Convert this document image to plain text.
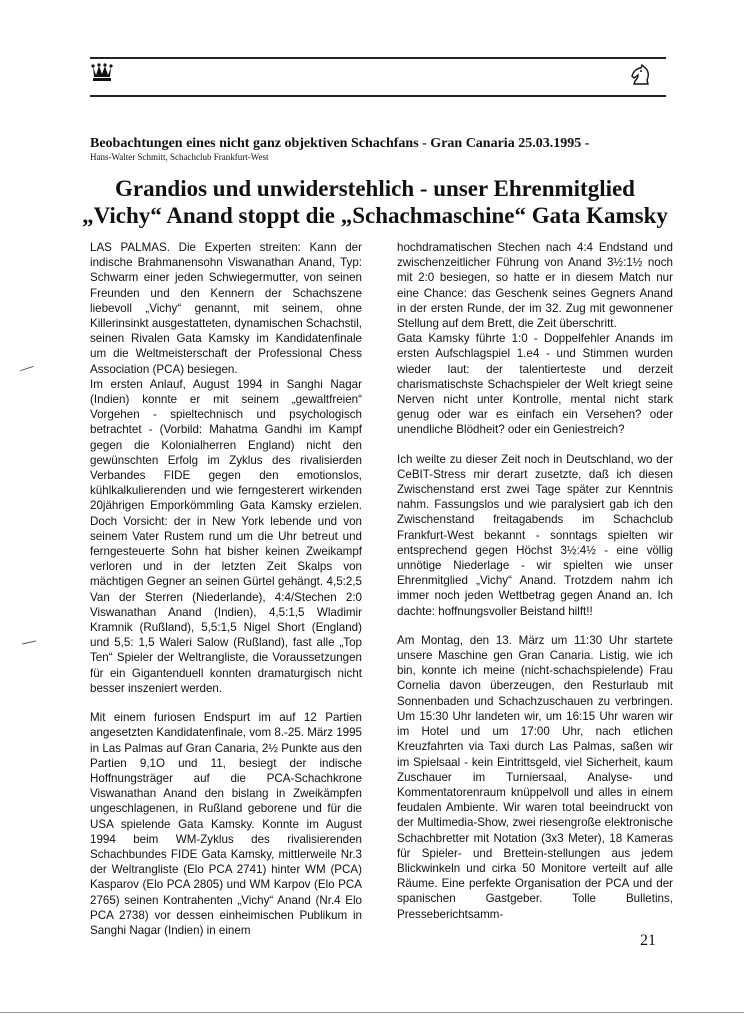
Beobachtungen eines nicht ganz objektiven Schachfans - Gran Canaria 25.03.1995 -
Hans-Walter Schmitt, Schachclub Frankfurt-West
Grandios und unwiderstehlich - unser Ehrenmitglied
„Vichy“ Anand stoppt die „Schachmaschine“ Gata Kamsky

LAS PALMAS. Die Experten streiten: Kann der indische Brahmanensohn Viswanathan Anand, Typ: Schwarm einer jeden Schwiegermutter, von seinen Freunden und den Kennern der Schachszene liebevoll „Vichy“ genannt, mit seinem, ohne Killerinsinkt ausgestatteten, dynamischen Schachstil, seinen Rivalen Gata Kamsky im Kandidatenfinale um die Weltmeisterschaft der Professional Chess Association (PCA) besiegen.

Im ersten Anlauf, August 1994 in Sanghi Nagar (Indien) konnte er mit seinem „gewaltfreien“ Vorgehen - spieltechnisch und psychologisch betrachtet - (Vorbild: Mahatma Gandhi im Kampf gegen die Kolonialherren England) nicht den gewünschten Erfolg im Zyklus des rivalisierden Verbandes FIDE gegen den emotionslos, kühlkalkulierenden und wie ferngesterert wirkenden 20jährigen Emporkömmling Gata Kamsky erzielen. Doch Vorsicht: der in New York lebende und von seinem Vater Rustem rund um die Uhr betreut und ferngesteuerte Sohn hat bisher keinen Zweikampf verloren und in der letzten Zeit Skalps von mächtigen Gegner an seinen Gürtel gehängt. 4,5:2,5 Van der Sterren (Niederlande), 4:4/Stechen 2:0 Viswanathan Anand (Indien), 4,5:1,5 Wladimir Kramnik (Rußland), 5,5:1,5 Nigel Short (England) und 5,5: 1,5 Waleri Salow (Rußland), fast alle „Top Ten“ Spieler der Weltrangliste, die Voraussetzungen für ein Gigantenduell konnten dramaturgisch nicht besser inszeniert werden.

Mit einem furiosen Endspurt im auf 12 Partien angesetzten Kandidatenfinale, vom 8.-25. März 1995 in Las Palmas auf Gran Canaria, 2½ Punkte aus den Partien 9,1O und 11, besiegt der indische Hoffnungsträger auf die PCA-Schachkrone Viswanathan Anand den bislang in Zweikämpfen ungeschlagenen, in Rußland geborene und für die USA spielende Gata Kamsky. Konnte im August 1994 beim WM-Zyklus des rivalisierenden Schachbundes FIDE Gata Kamsky, mittlerweile Nr.3 der Weltrangliste (Elo PCA 2741) hinter WM (PCA) Kasparov (Elo PCA 2805) und WM Karpov (Elo PCA 2765) seinen Kontrahenten „Vichy“ Anand (Nr.4 Elo PCA 2738) vor dessen einheimischen Publikum in Sanghi Nagar (Indien) in einem

hochdramatischen Stechen nach 4:4 Endstand und zwischenzeitlicher Führung von Anand 3½:1½ noch mit 2:0 besiegen, so hatte er in diesem Match nur eine Chance: das Geschenk seines Gegners Anand in der ersten Runde, der im 32. Zug mit gewonnener Stellung auf dem Brett, die Zeit überschritt.

Gata Kamsky führte 1:0 - Doppelfehler Anands im ersten Aufschlagspiel 1.e4 - und Stimmen wurden wieder laut: der talentierteste und derzeit charismatischste Schachspieler der Welt kriegt seine Nerven nicht unter Kontrolle, mental nicht stark genug oder war es einfach ein Versehen? oder unendliche Blödheit? oder ein Geniestreich?

Ich weilte zu dieser Zeit noch in Deutschland, wo der CeBIT-Stress mir derart zusetzte, daß ich diesen Zwischenstand erst zwei Tage später zur Kenntnis nahm. Fassungslos und wie paralysiert gab ich den Zwischenstand freitagabends im Schachclub Frankfurt-West bekannt - sonntags spielten wir entsprechend gegen Höchst 3½:4½ - eine völlig unnötige Niederlage - wir spielten wie unser Ehrenmitglied „Vichy“ Anand. Trotzdem nahm ich immer noch jeden Wettbetrag gegen Anand an. Ich dachte: hoffnungsvoller Beistand hilft!!

Am Montag, den 13. März um 11:30 Uhr startete unsere Maschine gen Gran Canaria. Listig, wie ich bin, konnte ich meine (nicht-schachspielende) Frau Cornelia davon überzeugen, den Resturlaub mit Sonnenbaden und Schachzuschauen zu verbringen. Um 15:30 Uhr landeten wir, um 16:15 Uhr waren wir im Hotel und um 17:00 Uhr, nach etlichen Kreuzfahrten via Taxi durch Las Palmas, saßen wir im Spielsaal - kein Eintrittsgeld, viel Sicherheit, kaum Zuschauer im Turniersaal, Analyse- und Kommentatorenraum knüppelvoll und alles in einem feudalen Ambiente. Wir waren total beeindruckt von der Multimedia-Show, zwei riesengroße elektronische Schachbretter mit Notation (3x3 Meter), 18 Kameras für Spieler- und Brettein-stellungen aus jedem Blickwinkeln und cirka 50 Monitore verteilt auf alle Räume. Eine perfekte Organisation der PCA und der spanischen Gastgeber. Tolle Bulletins, Presseberichtsamm-

21
